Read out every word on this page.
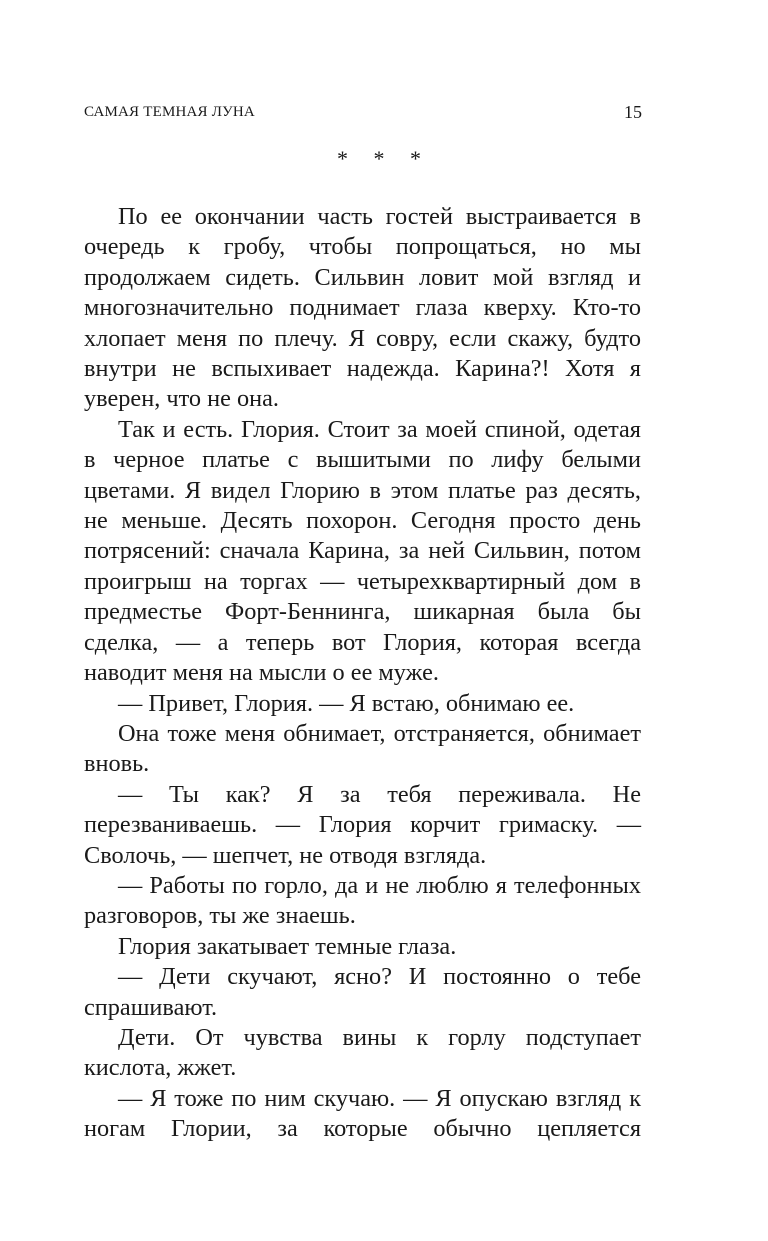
САМАЯ ТЕМНАЯ ЛУНА	15
* * *

По ее окончании часть гостей выстраивается в очередь к гробу, чтобы попрощаться, но мы продолжаем сидеть. Сильвин ловит мой взгляд и многозначительно поднимает глаза кверху. Кто-то хлопает меня по плечу. Я совру, если скажу, будто внутри не вспыхивает надежда. Карина?! Хотя я уверен, что не она.

Так и есть. Глория. Стоит за моей спиной, одетая в черное платье с вышитыми по лифу белыми цветами. Я видел Глорию в этом платье раз десять, не меньше. Десять похорон. Сегодня просто день потрясений: сначала Карина, за ней Сильвин, потом проигрыш на торгах — четырехквартирный дом в предместье Форт-Беннинга, шикарная была бы сделка, — а теперь вот Глория, которая всегда наводит меня на мысли о ее муже.

— Привет, Глория. — Я встаю, обнимаю ее.

Она тоже меня обнимает, отстраняется, обнимает вновь.

— Ты как? Я за тебя переживала. Не перезваниваешь. — Глория корчит гримаску. — Сволочь, — шепчет, не отводя взгляда.

— Работы по горло, да и не люблю я телефонных разговоров, ты же знаешь.

Глория закатывает темные глаза.

— Дети скучают, ясно? И постоянно о тебе спрашивают.

Дети. От чувства вины к горлу подступает кислота, жжет.

— Я тоже по ним скучаю. — Я опускаю взгляд к ногам Глории, за которые обычно цепляется
